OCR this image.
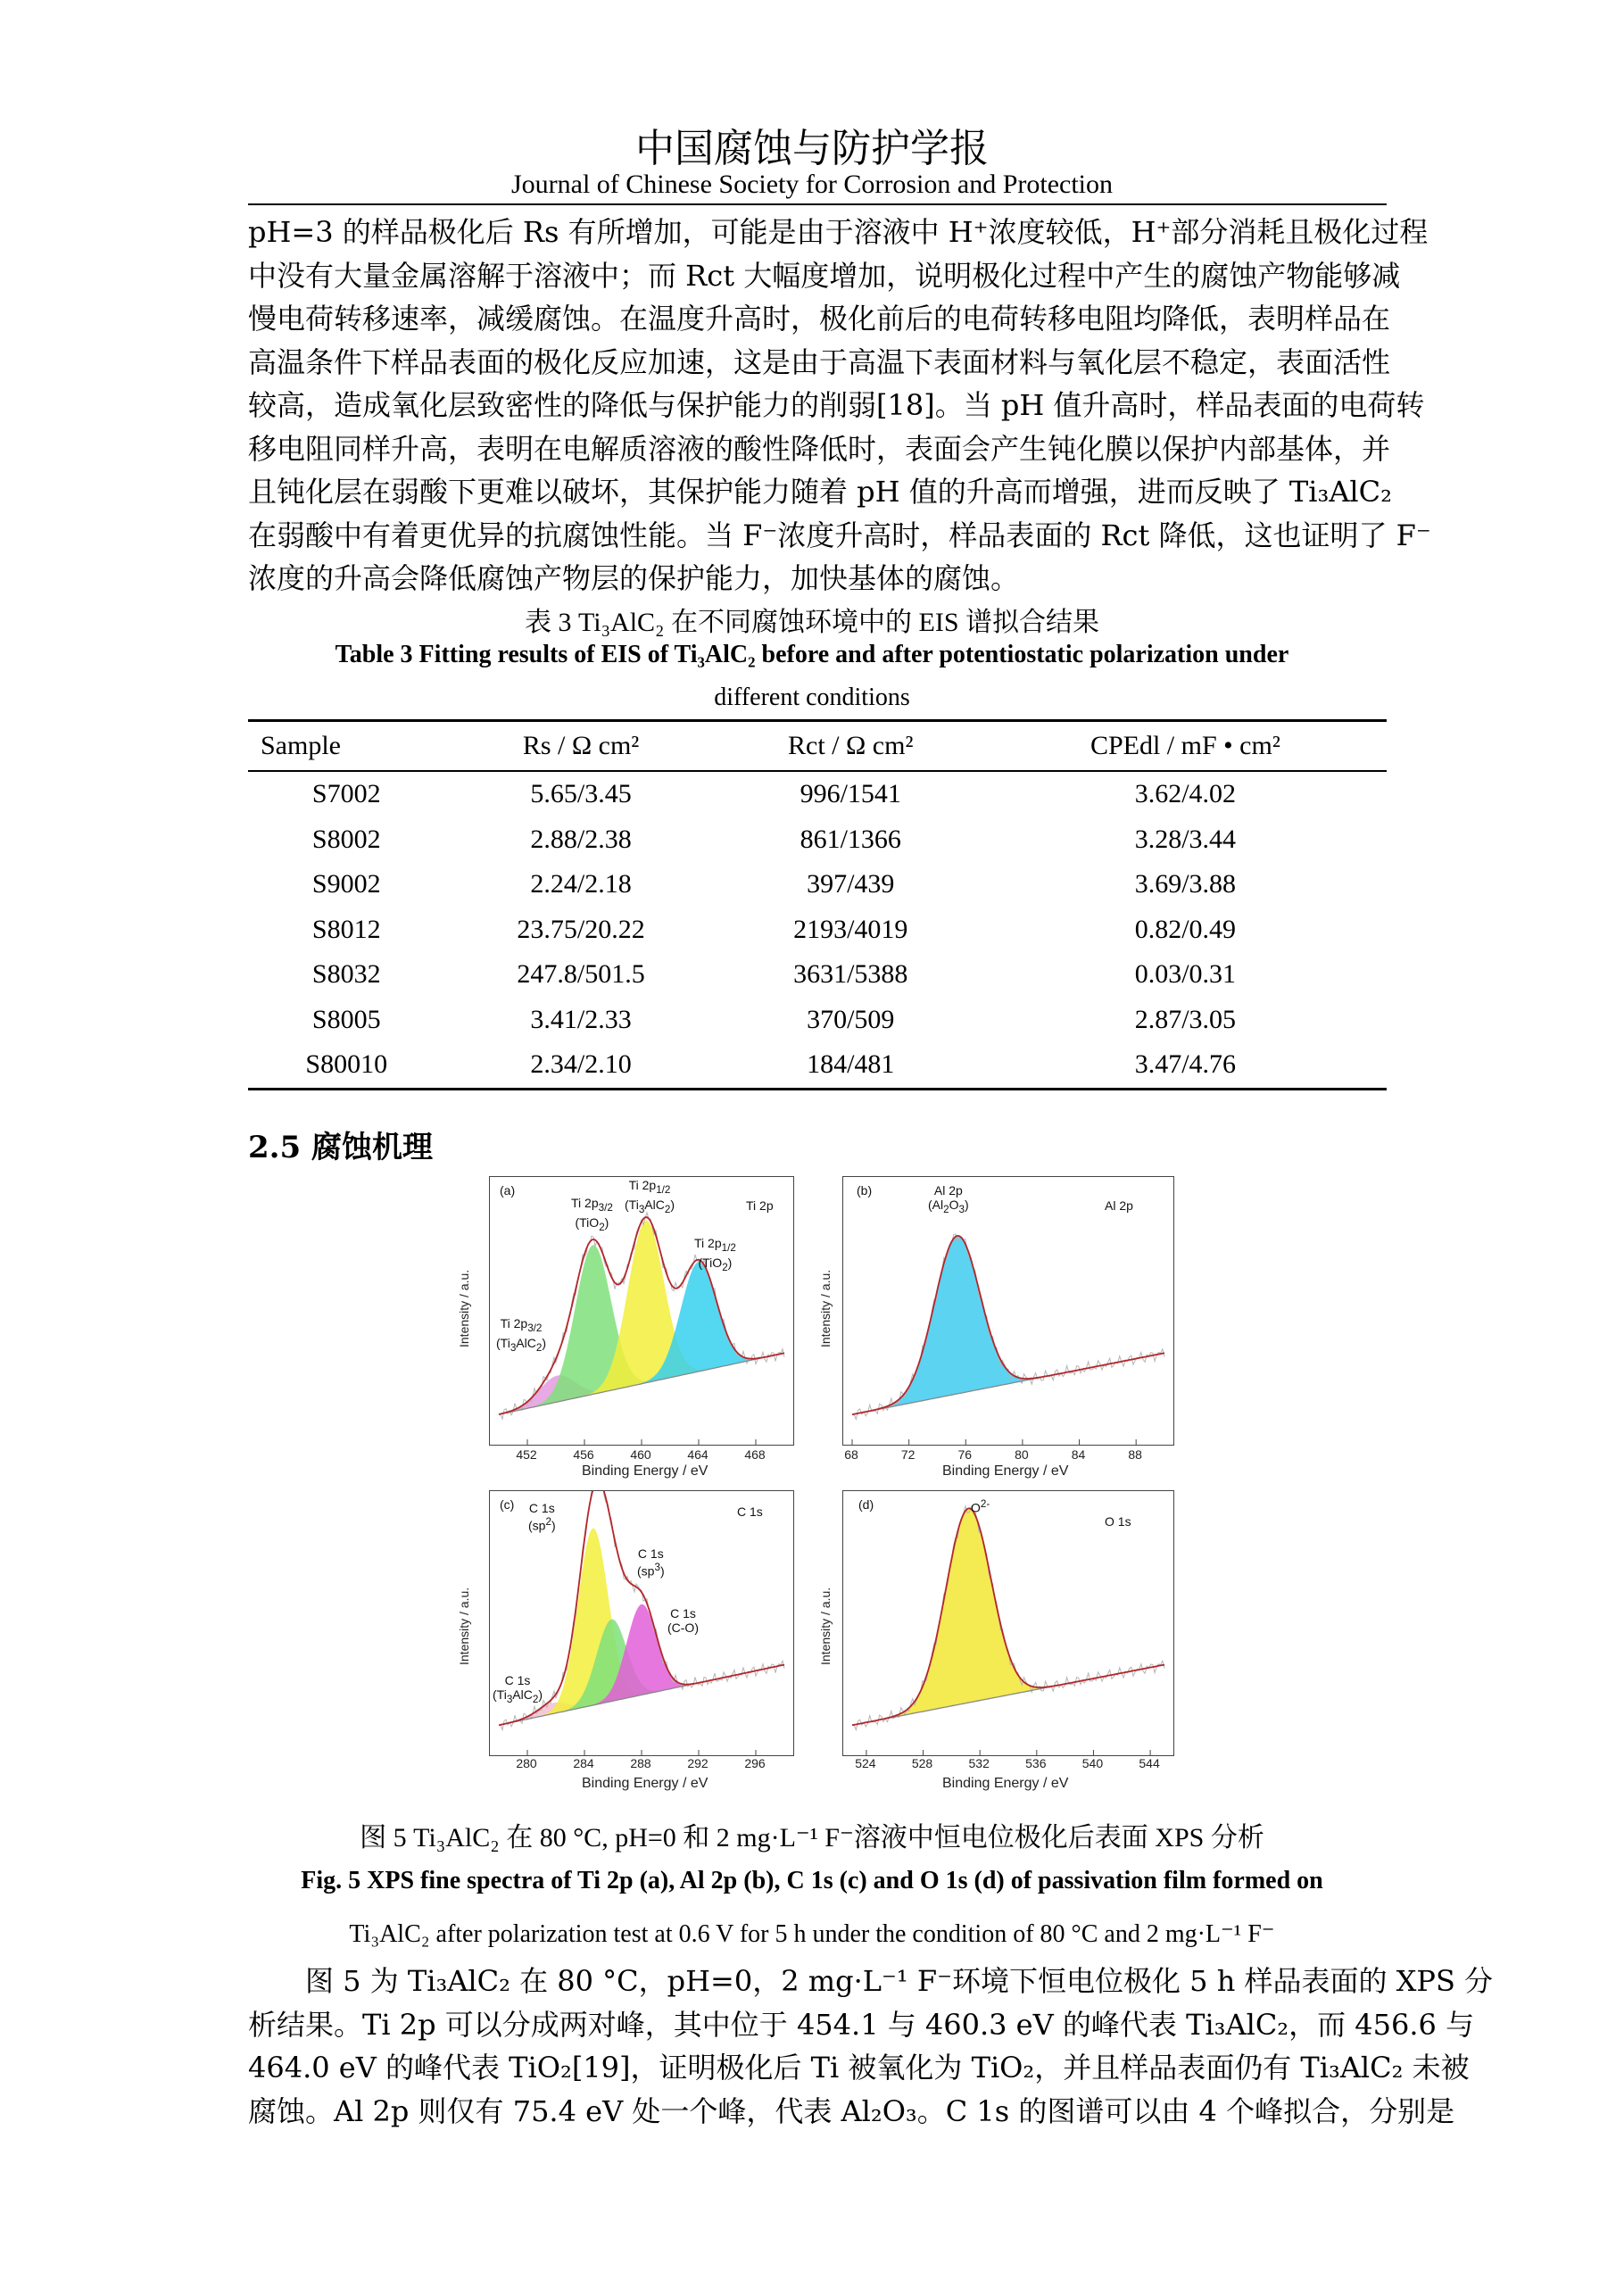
中国腐蚀与防护学报
Journal of Chinese Society for Corrosion and Protection
pH=3 的样品极化后 Rs 有所增加，可能是由于溶液中 H⁺浓度较低，H⁺部分消耗且极化过程
中没有大量金属溶解于溶液中；而 Rct 大幅度增加，说明极化过程中产生的腐蚀产物能够减
慢电荷转移速率，减缓腐蚀。在温度升高时，极化前后的电荷转移电阻均降低，表明样品在
高温条件下样品表面的极化反应加速，这是由于高温下表面材料与氧化层不稳定，表面活性
较高，造成氧化层致密性的降低与保护能力的削弱[18]。当 pH 值升高时，样品表面的电荷转
移电阻同样升高，表明在电解质溶液的酸性降低时，表面会产生钝化膜以保护内部基体，并
且钝化层在弱酸下更难以破坏，其保护能力随着 pH 值的升高而增强，进而反映了 Ti₃AlC₂
在弱酸中有着更优异的抗腐蚀性能。当 F⁻浓度升高时，样品表面的 Rct 降低，这也证明了 F⁻
浓度的升高会降低腐蚀产物层的保护能力，加快基体的腐蚀。
表 3 Ti₃AlC₂ 在不同腐蚀环境中的 EIS 谱拟合结果
Table 3 Fitting results of EIS of Ti₃AlC₂ before and after potentiostatic polarization under
different conditions
Sample	Rs / Ω cm²	Rct / Ω cm²	CPEdl / mF • cm²
S7002	5.65/3.45	996/1541	3.62/4.02
S8002	2.88/2.38	861/1366	3.28/3.44
S9002	2.24/2.18	397/439	3.69/3.88
S8012	23.75/20.22	2193/4019	0.82/0.49
S8032	247.8/501.5	3631/5388	0.03/0.31
S8005	3.41/2.33	370/509	2.87/3.05
S80010	2.34/2.10	184/481	3.47/4.76
2.5 腐蚀机理
Intensity / a.u.
(a)
Ti 2p
Ti $2p_{3/2}$
(TiO$_2$)
Ti $2p_{1/2}$
$(Ti_3AlC_2)$
Ti $2p_{1/2}$
(TiO$_2$)
Ti $2p_{3/2}$
$(Ti_3AlC_2)$
452	456	460	464	468
Binding Energy / eV
Intensity / a.u.
(b)
Al 2p
Al 2p
$(Al_2O_3)$
68	72	76	80	84	88
Binding Energy / eV
Intensity / a.u.
(c)	C 1s
C 1s
$(sp^2)$
C 1s
$(sp^3)$
C 1s
(C-O)
C 1s
$(Ti_3AlC_2)$
280	284	288	292	296
Binding Energy / eV
Intensity / a.u.
(d)
O 1s
$O^{2-}$
524	528	532	536	540	544
Binding Energy / eV
图 5 Ti₃AlC₂ 在 80 °C, pH=0 和 2 mg·L⁻¹ F⁻溶液中恒电位极化后表面 XPS 分析
Fig. 5 XPS fine spectra of Ti 2p (a), Al 2p (b), C 1s (c) and O 1s (d) of passivation film formed on
Ti₃AlC₂ after polarization test at 0.6 V for 5 h under the condition of 80 °C and 2 mg·L⁻¹ F⁻
图 5 为 Ti₃AlC₂ 在 80 °C，pH=0，2 mg·L⁻¹ F⁻环境下恒电位极化 5 h 样品表面的 XPS 分
析结果。Ti 2p 可以分成两对峰，其中位于 454.1 与 460.3 eV 的峰代表 Ti₃AlC₂，而 456.6 与
464.0 eV 的峰代表 TiO₂[19]，证明极化后 Ti 被氧化为 TiO₂，并且样品表面仍有 Ti₃AlC₂ 未被
腐蚀。Al 2p 则仅有 75.4 eV 处一个峰，代表 Al₂O₃。C 1s 的图谱可以由 4 个峰拟合，分别是
